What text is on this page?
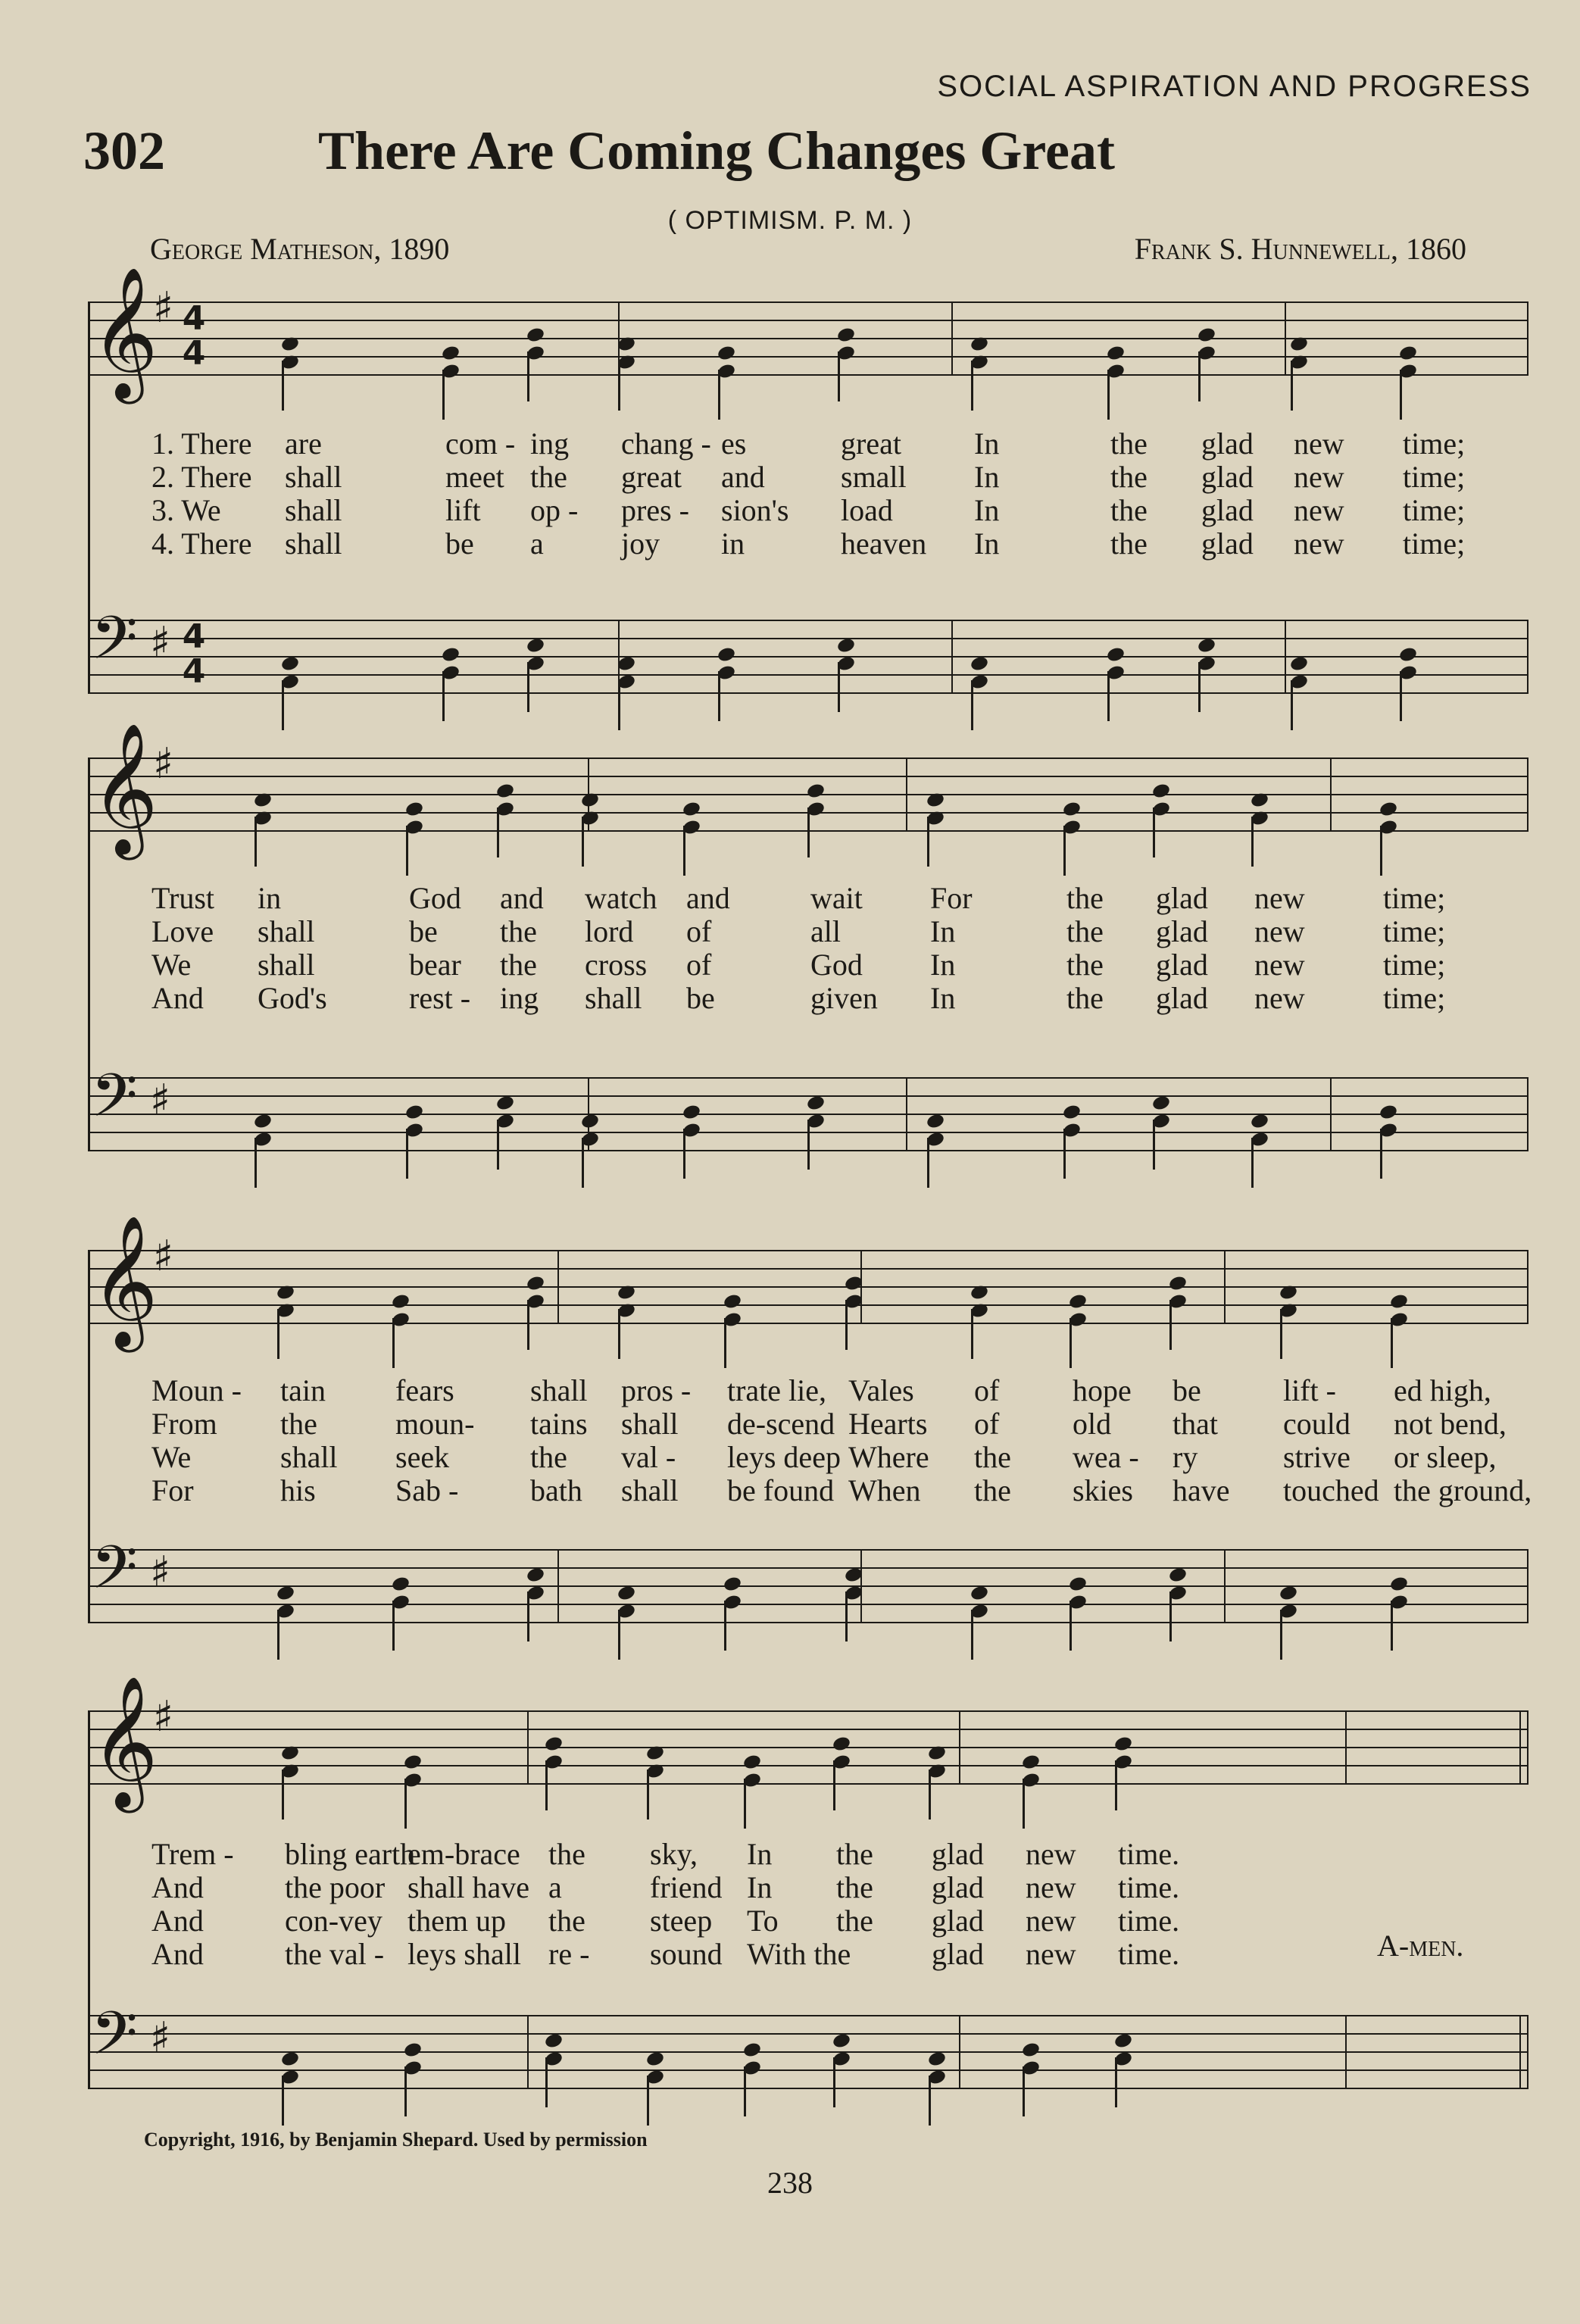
SOCIAL ASPIRATION AND PROGRESS
302	There Are Coming Changes Great
( OPTIMISM. P. M. )
George Matheson, 1890	Frank S. Hunnewell, 1860
𝄞
♯ 4 4
𝄢 ♯ 4 4
𝄞
♯
𝄢 ♯
𝄞
♯
𝄢 ♯
𝄞
♯
𝄢 ♯
1. There are	com - ing chang - es	great In	the glad new time;
2. There shall	meet the great and	small In	the glad new time;
3. We shall	lift op - pres - sion's load	In	the glad new time;
4. There shall	be a	joy in	heaven In	the glad new time;
Trust in	God and watch and	wait For	the glad new	time;
Love shall	be the lord of	all	In	the glad new	time;
We shall	bear the cross of	God In	the glad new	time;
And God's	rest - ing shall be	given In	the glad new	time;
Moun - tain fears	shall pros - trate lie, Vales of hope be	lift - ed high,
From the	moun- tains shall de-scend Hearts of old that could not bend,
We	shall seek	the val - leys deep Where the wea - ry	strive or sleep,
For	his	Sab - bath shall be found When the skies have touched the ground,
Trem - bling earth
em-brace the sky, In the glad new time.
And	the poor shall have a	friend In the glad new time.
And	con-vey them up the steep To the glad new time.
And	the val - leys shall re - sound With the	glad new time.	A-men.
Copyright, 1916, by Benjamin Shepard. Used by permission
238
